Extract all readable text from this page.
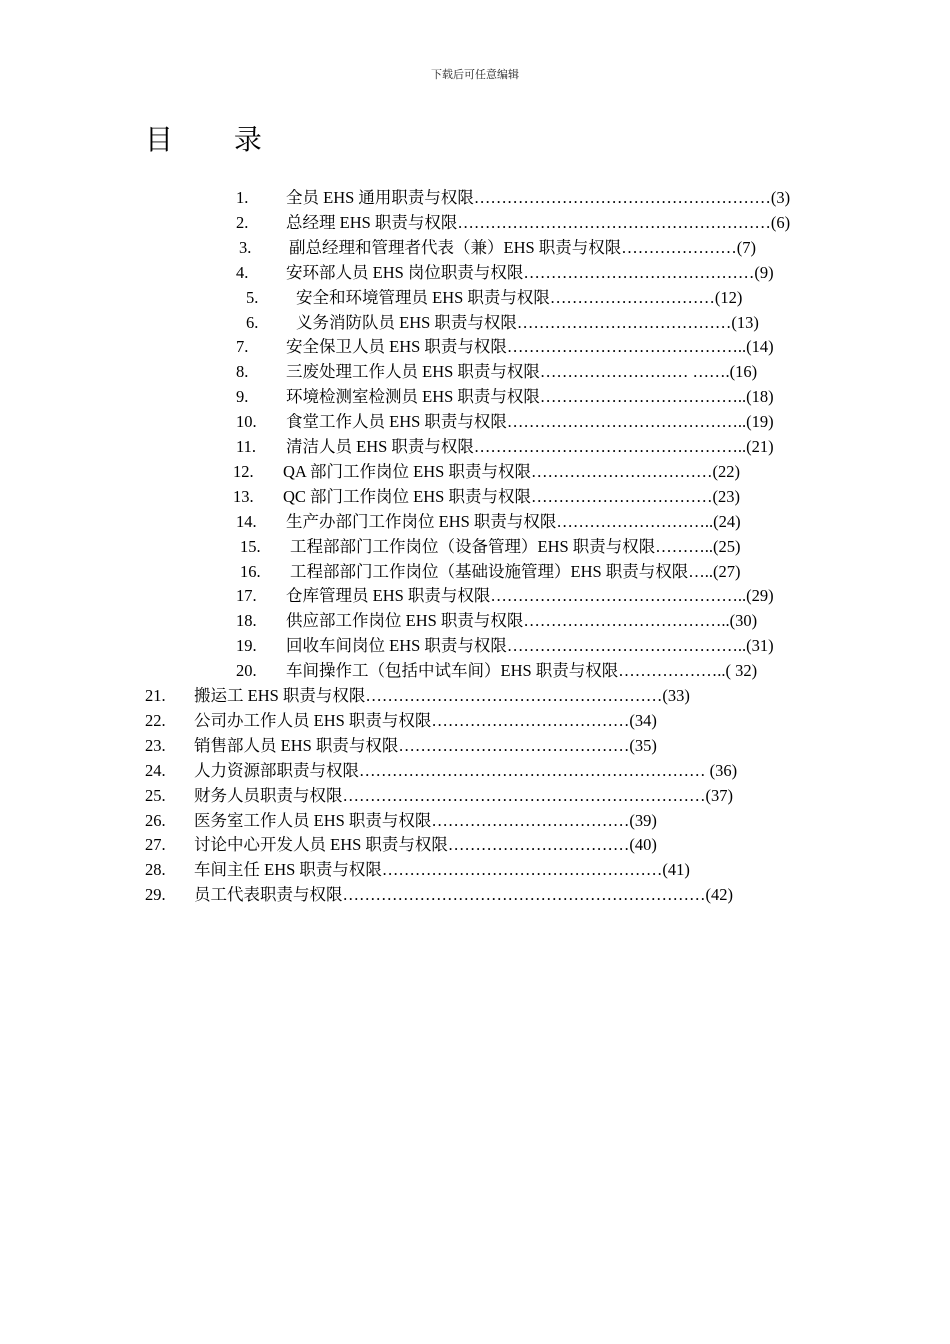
下载后可任意编辑
目 录
1. 全员 EHS 通用职责与权限………………………………………………(3)
2. 总经理 EHS 职责与权限…………………………………………………(6)
3. 副总经理和管理者代表（兼）EHS 职责与权限…………………(7)
4. 安环部人员 EHS 岗位职责与权限……………………………………(9)
5. 安全和环境管理员 EHS 职责与权限…………………………(12)
6. 义务消防队员 EHS 职责与权限…………………………………(13)
7. 安全保卫人员 EHS 职责与权限……………………………………..(14)
8. 三废处理工作人员 EHS 职责与权限……………………… …….(16)
9. 环境检测室检测员 EHS 职责与权限………………………………..(18)
10. 食堂工作人员 EHS 职责与权限……………………………………..(19)
11. 清洁人员 EHS 职责与权限…………………………………………..(21)
12. QA 部门工作岗位 EHS 职责与权限……………………………(22)
13. QC 部门工作岗位 EHS 职责与权限……………………………(23)
14. 生产办部门工作岗位 EHS 职责与权限………………………..(24)
15. 工程部部门工作岗位（设备管理）EHS 职责与权限………..(25)
16. 工程部部门工作岗位（基础设施管理）EHS 职责与权限…..(27)
17. 仓库管理员 EHS 职责与权限………………………………………..(29)
18. 供应部工作岗位 EHS 职责与权限………………………………..(30)
19. 回收车间岗位 EHS 职责与权限……………………………………..(31)
20. 车间操作工（包括中试车间）EHS 职责与权限………………..( 32)
21. 搬运工 EHS 职责与权限………………………………………………(33)
22. 公司办工作人员 EHS 职责与权限………………………………(34)
23. 销售部人员 EHS 职责与权限……………………………………(35)
24. 人力资源部职责与权限……………………………………………………… (36)
25. 财务人员职责与权限…………………………………………………………(37)
26. 医务室工作人员 EHS 职责与权限………………………………(39)
27. 讨论中心开发人员 EHS 职责与权限……………………………(40)
28. 车间主任 EHS 职责与权限……………………………………………(41)
29. 员工代表职责与权限…………………………………………………………(42)
